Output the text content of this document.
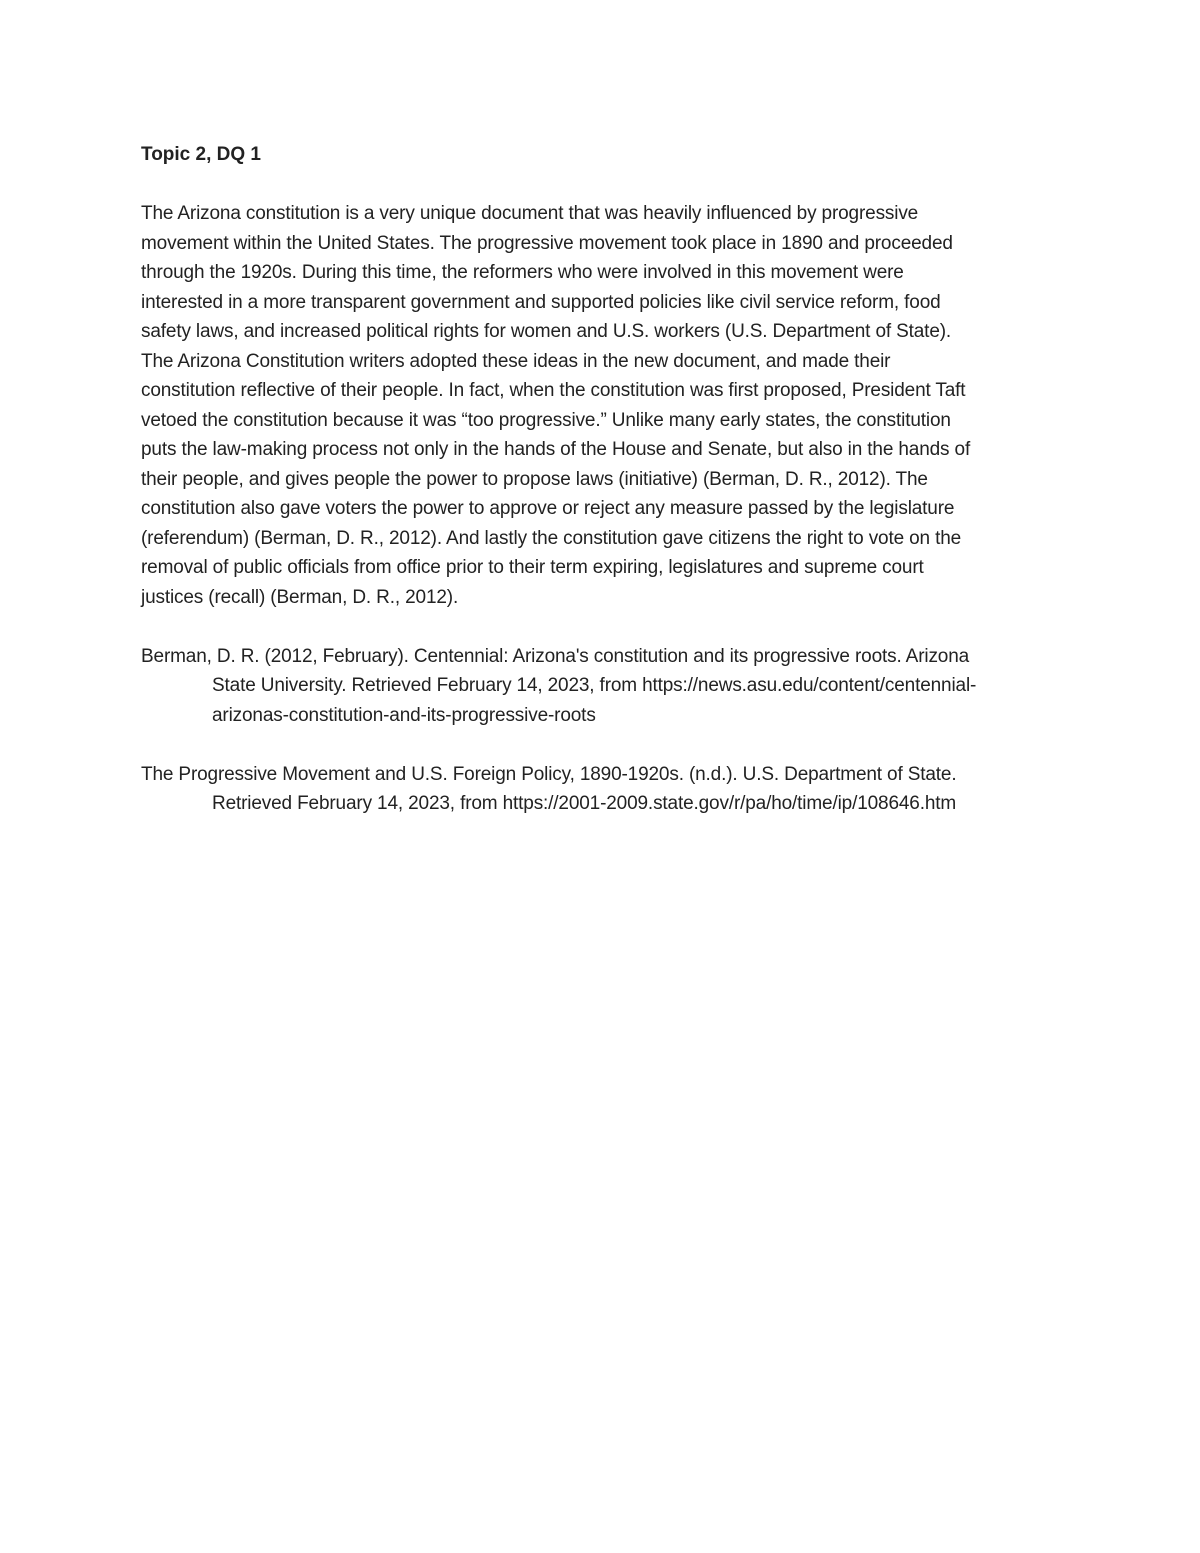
Topic 2, DQ 1
The Arizona constitution is a very unique document that was heavily influenced by progressive
movement within the United States. The progressive movement took place in 1890 and proceeded
through the 1920s. During this time, the reformers who were involved in this movement were
interested in a more transparent government and supported policies like civil service reform, food
safety laws, and increased political rights for women and U.S. workers (U.S. Department of State).
The Arizona Constitution writers adopted these ideas in the new document, and made their
constitution reflective of their people. In fact, when the constitution was first proposed, President Taft
vetoed the constitution because it was “too progressive.” Unlike many early states, the constitution
puts the law-making process not only in the hands of the House and Senate, but also in the hands of
their people, and gives people the power to propose laws (initiative) (Berman, D. R., 2012). The
constitution also gave voters the power to approve or reject any measure passed by the legislature
(referendum) (Berman, D. R., 2012). And lastly the constitution gave citizens the right to vote on the
removal of public officials from office prior to their term expiring, legislatures and supreme court
justices (recall) (Berman, D. R., 2012).
Berman, D. R. (2012, February). Centennial: Arizona's constitution and its progressive roots. Arizona
State University. Retrieved February 14, 2023, from https://news.asu.edu/content/centennial-
arizonas-constitution-and-its-progressive-roots
The Progressive Movement and U.S. Foreign Policy, 1890-1920s. (n.d.). U.S. Department of State.
Retrieved February 14, 2023, from https://2001-2009.state.gov/r/pa/ho/time/ip/108646.htm
